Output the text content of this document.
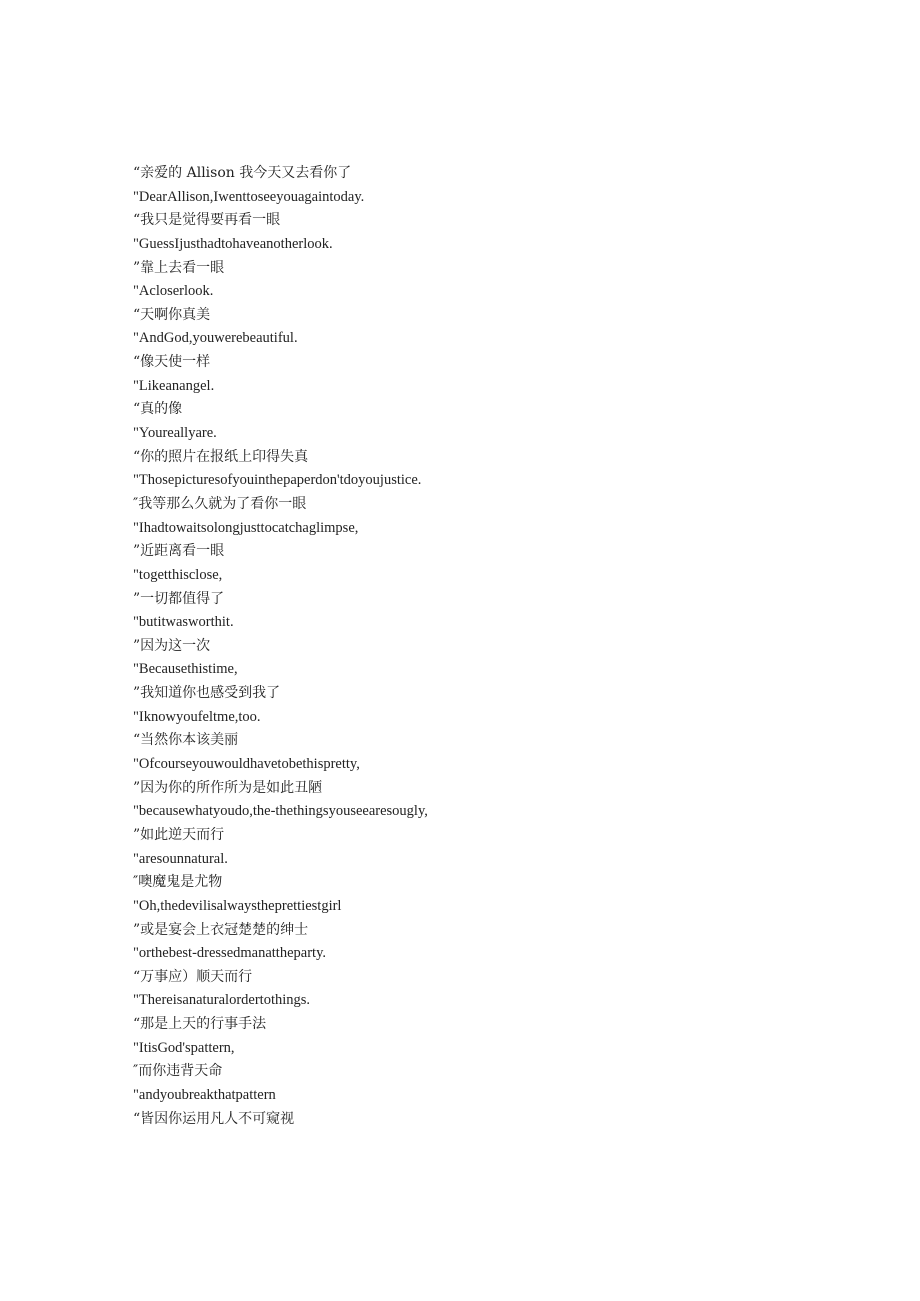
“亲爱的 Allison 我今天又去看你了
"DearAllison,Iwenttoseeyouagaintoday.
“我只是觉得要再看一眼
"GuessIjusthadtohaveanotherlook.
”靠上去看一眼
"Acloserlook.
“天啊你真美
"AndGod,youwerebeautiful.
“像天使一样
"Likeanangel.
“真的像
"Youreallyare.
“你的照片在报纸上印得失真
"Thosepicturesofyouinthepaperdon'tdoyoujustice.
″我等那么久就为了看你一眼
"Ihadtowaitsolongjusttocatchaglimpse,
”近距离看一眼
"togetthisclose,
”一切都值得了
"butitwasworthit.
”因为这一次
"Becausethistime,
”我知道你也感受到我了
"Iknowyoufeltme,too.
“当然你本该美丽
"Ofcourseyouwouldhavetobethispretty,
”因为你的所作所为是如此丑陋
"becausewhatyoudo,the-thethingsyouseearesougly,
”如此逆天而行
"aresounnatural.
″噢魔鬼是尤物
"Oh,thedevilisalwaystheprettiestgirl
”或是宴会上衣冠楚楚的绅士
"orthebest-dressedmanattheparty.
“万事应）顺天而行
"Thereisanaturalordertothings.
“那是上天的行事手法
"ItisGod'spattern,
″而你违背天命
"andyoubreakthatpattern
“皆因你运用凡人不可窥视
